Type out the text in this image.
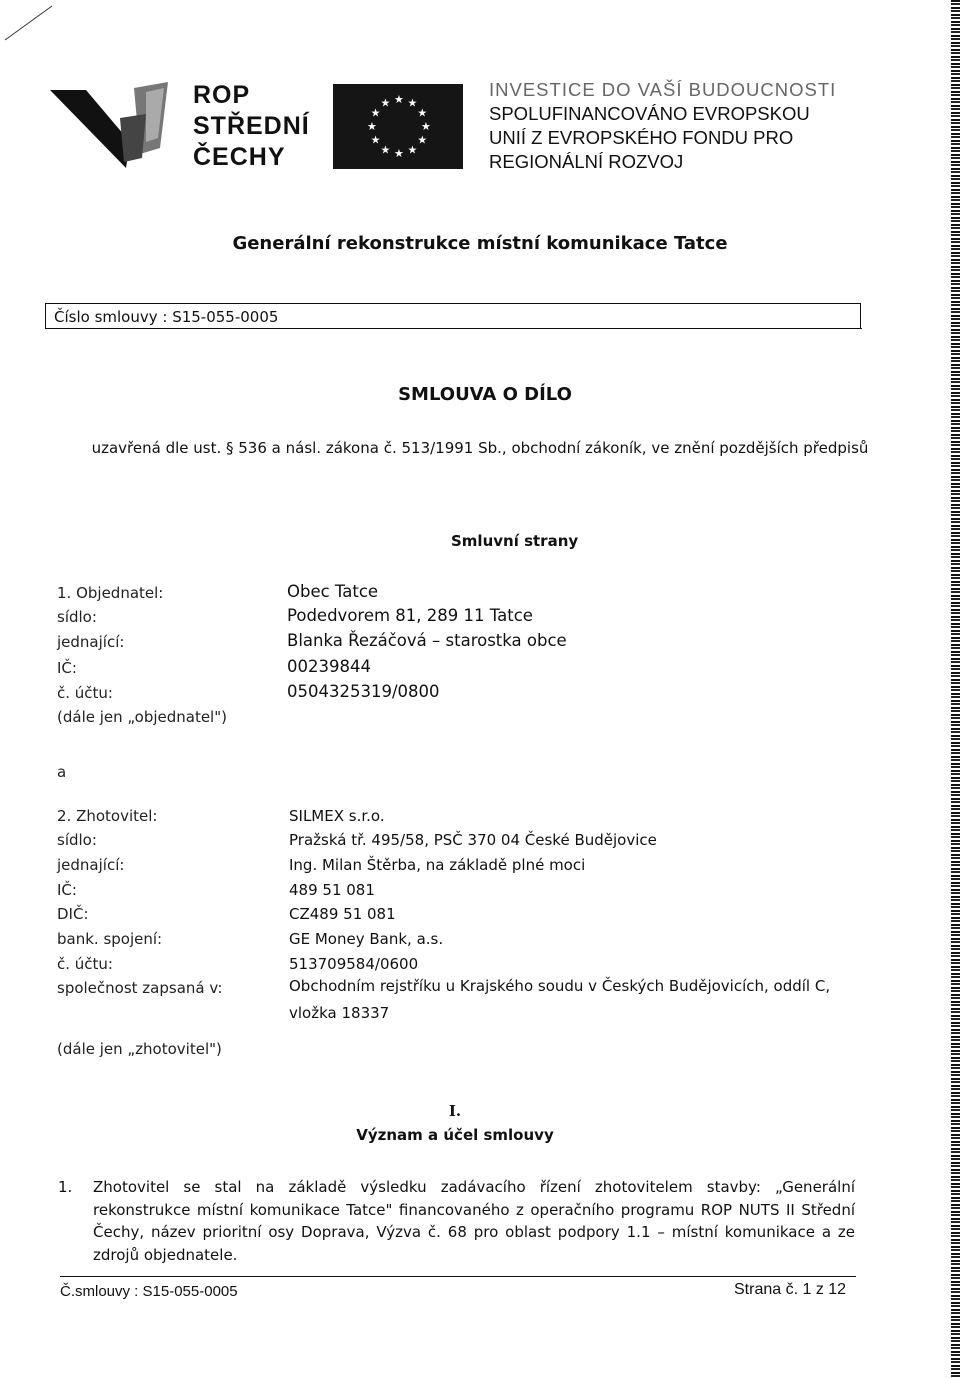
ROP
STŘEDNÍ
ČECHY
★ ★
★
★
★
★
★
★
★
★
★
★
INVESTICE DO VAŠÍ BUDOUCNOSTI
SPOLUFINANCOVÁNO EVROPSKOU
UNIÍ Z EVROPSKÉHO FONDU PRO
REGIONÁLNÍ ROZVOJ
Generální rekonstrukce místní komunikace Tatce
Číslo smlouvy : S15-055-0005
SMLOUVA O DÍLO
uzavřená dle ust. § 536 a násl. zákona č. 513/1991 Sb., obchodní zákoník, ve znění pozdějších předpisů
Smluvní strany
1. Objednatel:	Obec Tatce
sídlo:	Podedvorem 81, 289 11 Tatce
jednající:	Blanka Řezáčová – starostka obce
IČ:	00239844
č. účtu:	0504325319/0800
(dále jen „objednatel")
a
2. Zhotovitel:	SILMEX s.r.o.
sídlo:	Pražská tř. 495/58, PSČ 370 04 České Budějovice
jednající:	Ing. Milan Štěrba, na základě plné moci
IČ:	489 51 081
DIČ:	CZ489 51 081
bank. spojení:	GE Money Bank, a.s.
č. účtu:	513709584/0600
společnost zapsaná v:	Obchodním rejstříku u Krajského soudu v Českých Budějovicích, oddíl C,
vložka 18337
(dále jen „zhotovitel")
I.
Význam a účel smlouvy
1. Zhotovitel se stal na základě výsledku zadávacího řízení zhotovitelem stavby: „Generální rekonstrukce místní komunikace Tatce" financovaného z operačního programu ROP NUTS II Střední Čechy, název prioritní osy Doprava, Výzva č. 68 pro oblast podpory 1.1 – místní komunikace a ze zdrojů objednatele.
Č.smlouvy : S15-055-0005	Strana č. 1 z 12
